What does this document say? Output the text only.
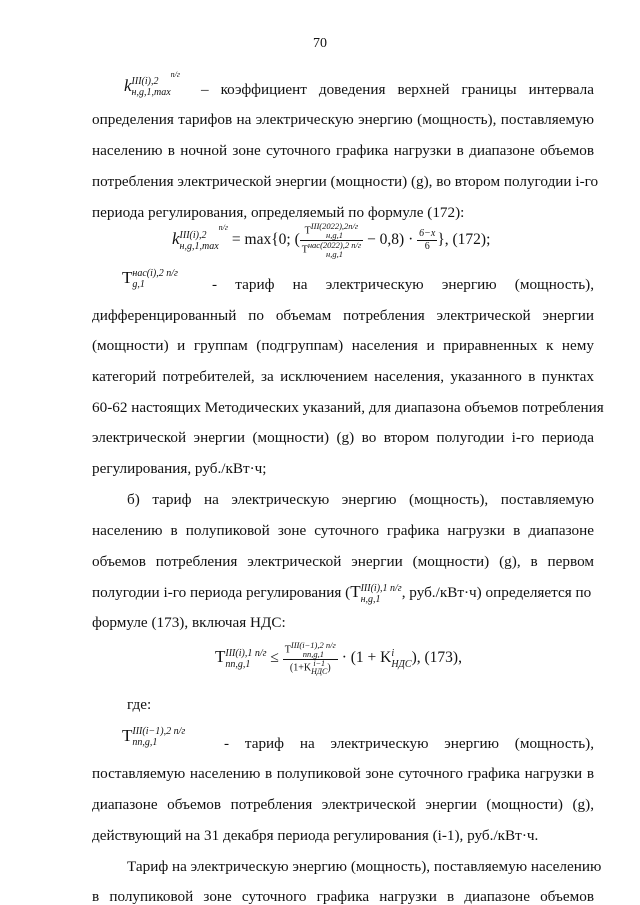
70
k III(i),2
н,g,1,max
$^{п/г}$
– коэффициент доведения верхней границы интервала
определения тарифов на электрическую энергию (мощность), поставляемую
населению в ночной зоне суточного графика нагрузки в диапазоне объемов
потребления электрической энергии (мощности) (g), во втором полугодии i-го
периода регулирования, определяемый по формуле (172):
k III(i),2
н,g,1,max
$^{п/г}$ = max{0; ( T III(2022),2п/г
н,g,1
T нас(2022),2 п/г
$н,g,1 - 0,8) \cdot \frac{6-x}{6}$ }, (172);
T нас(i),2 п/г
g,1	- тариф на электрическую энергию (мощность),
дифференцированный по объемам потребления электрической энергии
(мощности) и группам (подгруппам) населения и приравненных к нему
категорий потребителей, за исключением населения, указанного в пунктах
60-62 настоящих Методических указаний, для диапазона объемов потребления
электрической энергии (мощности) (g) во втором полугодии i-го периода
регулирования, руб./кВт·ч;
б) тариф на электрическую энергию (мощность), поставляемую
населению в полупиковой зоне суточного графика нагрузки в диапазоне
объемов потребления электрической энергии (мощности) (g), в первом
полугодии i-го периода регулирования (T III(i),1 п/г
н,g,1	, руб./кВт·ч) определяется по
формуле (173), включая НДС:
T III(i),1 п/г
пп,g,1	≤ T III(i−1),2 п/г
пп,g,1
(1+K i−1
НДС ) · (1 + K i
НДС ), (173),
где:
T III(i−1),2 п/г
пп,g,1	- тариф на электрическую энергию (мощность),
поставляемую населению в полупиковой зоне суточного графика нагрузки в
диапазоне объемов потребления электрической энергии (мощности) (g),
действующий на 31 декабря периода регулирования (i-1), руб./кВт·ч.
Тариф на электрическую энергию (мощность), поставляемую населению
в полупиковой зоне суточного графика нагрузки в диапазоне объемов
